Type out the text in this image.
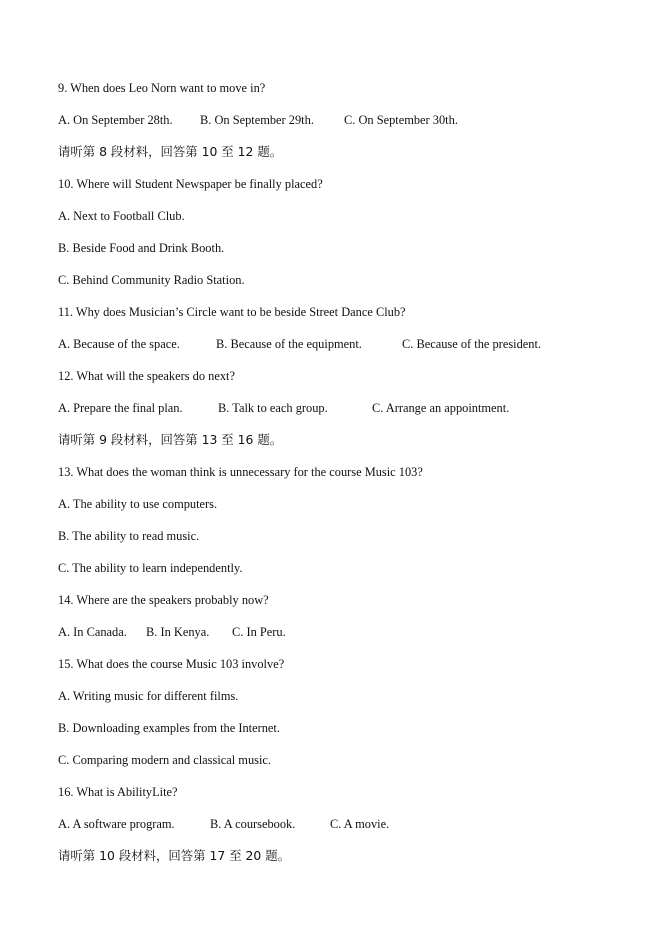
9. When does Leo Norn want to move in?
A. On September 28th. B. On September 29th. C. On September 30th.
请听第 8 段材料，回答第 10 至 12 题。
10. Where will Student Newspaper be finally placed?
A. Next to Football Club.
B. Beside Food and Drink Booth.
C. Behind Community Radio Station.
11. Why does Musician’s Circle want to be beside Street Dance Club?
A. Because of the space.	B. Because of the equipment.	C. Because of the president.
12. What will the speakers do next?
A. Prepare the final plan.	B. Talk to each group.	C. Arrange an appointment.
请听第 9 段材料，回答第 13 至 16 题。
13. What does the woman think is unnecessary for the course Music 103?
A. The ability to use computers.
B. The ability to read music.
C. The ability to learn independently.
14. Where are the speakers probably now?
A. In Canada. B. In Kenya. C. In Peru.
15. What does the course Music 103 involve?
A. Writing music for different films.
B. Downloading examples from the Internet.
C. Comparing modern and classical music.
16. What is AbilityLite?
A. A software program.	B. A coursebook.	C. A movie.
请听第 10 段材料，回答第 17 至 20 题。
